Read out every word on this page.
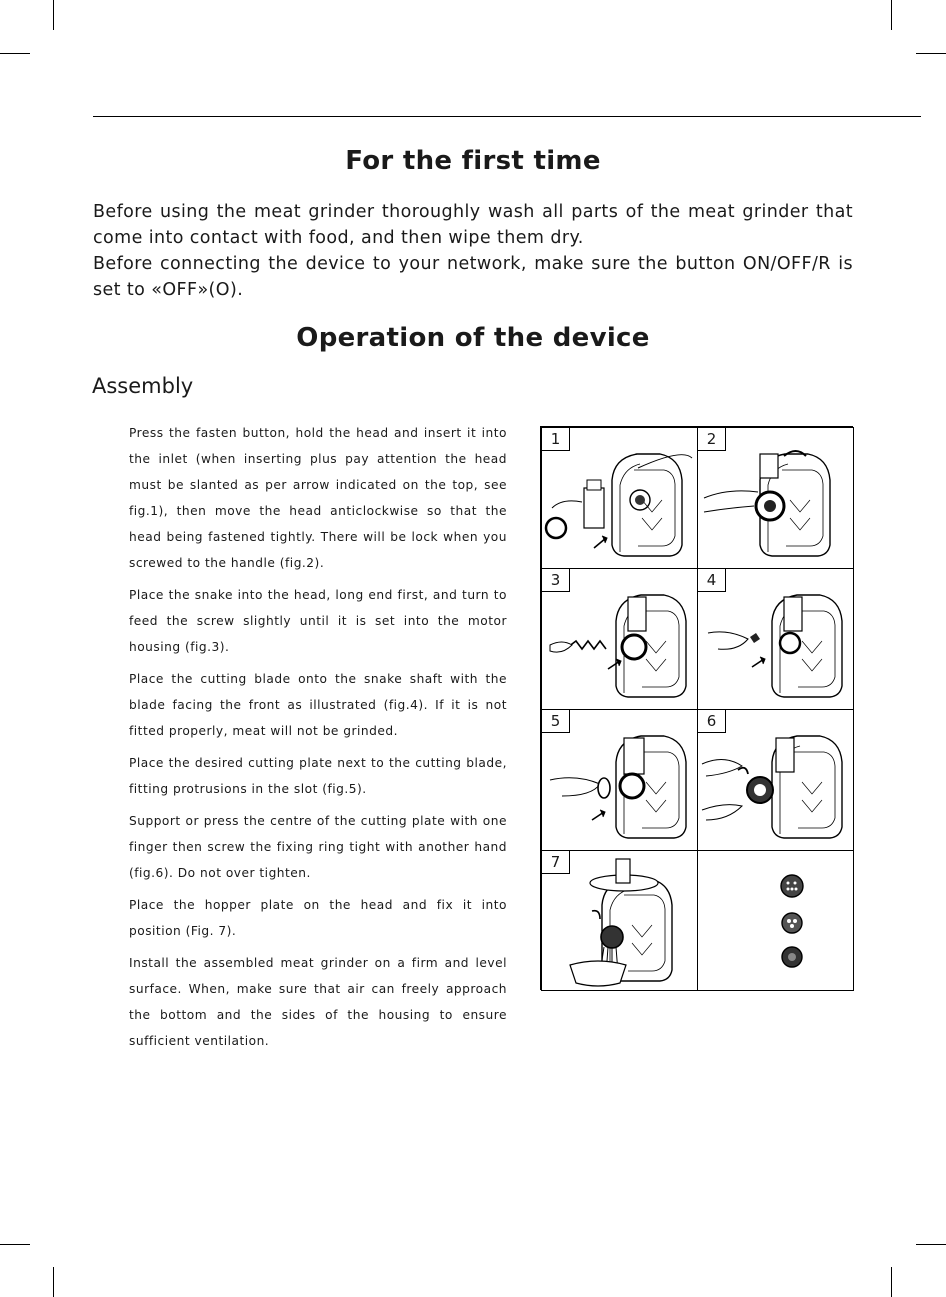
For the first time

Before using the meat grinder thoroughly wash all parts of the meat grinder that come into contact with food, and then wipe them dry.

Before connecting the device to your network, make sure the button ON/OFF/R is set to «OFF»(O).

Operation of the device
Assembly

Press the fasten button, hold the head and insert it into the inlet (when inserting plus pay attention the head must be slanted as per arrow indicated on the top, see fig.1), then move the head anticlockwise so that the head being fastened tightly. There will be lock when you screwed to the handle (fig.2).

Place the snake into the head, long end first, and turn to feed the screw slightly until it is set into the motor housing (fig.3).

Place the cutting blade onto the snake shaft with the blade facing the front as illustrated (fig.4). If it is not fitted properly, meat will not be grinded.

Place the desired cutting plate next to the cutting blade, fitting protrusions in the slot (fig.5).

Support or press the centre of the cutting plate with one finger then screw the fixing ring tight with another hand (fig.6). Do not over tighten.

Place the hopper plate on the head and fix it into position (Fig. 7).

Install the assembled meat grinder on a firm and level surface. When, make sure that air can freely approach the bottom and the sides of the housing to ensure sufficient ventilation.

1	2
3	4
5	6
7
